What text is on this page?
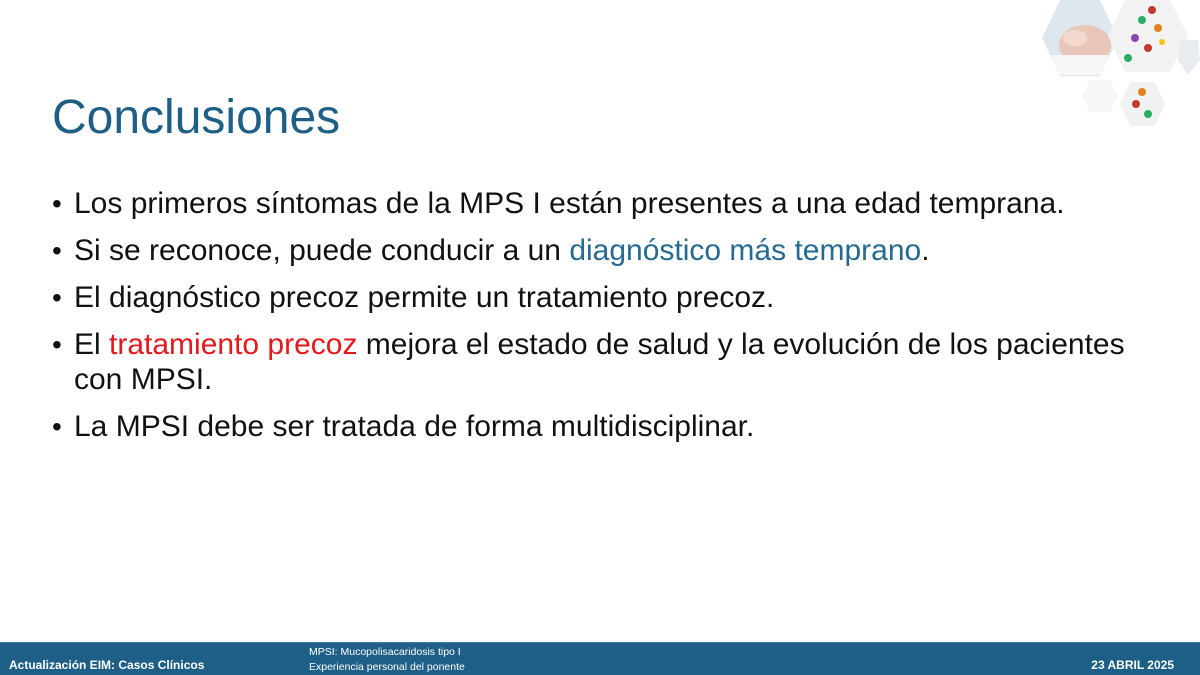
Conclusiones
• Los primeros síntomas de la MPS I están presentes a una edad temprana.
• Si se reconoce, puede conducir a un diagnóstico más temprano.
• El diagnóstico precoz permite un tratamiento precoz.
• El tratamiento precoz mejora el estado de salud y la evolución de los pacientes con MPSI.
• La MPSI debe ser tratada de forma multidisciplinar.
Actualización EIM: Casos Clínicos
MPSI: Mucopolisacaridosis tipo I
Experiencia personal del ponente	23 ABRIL 2025
